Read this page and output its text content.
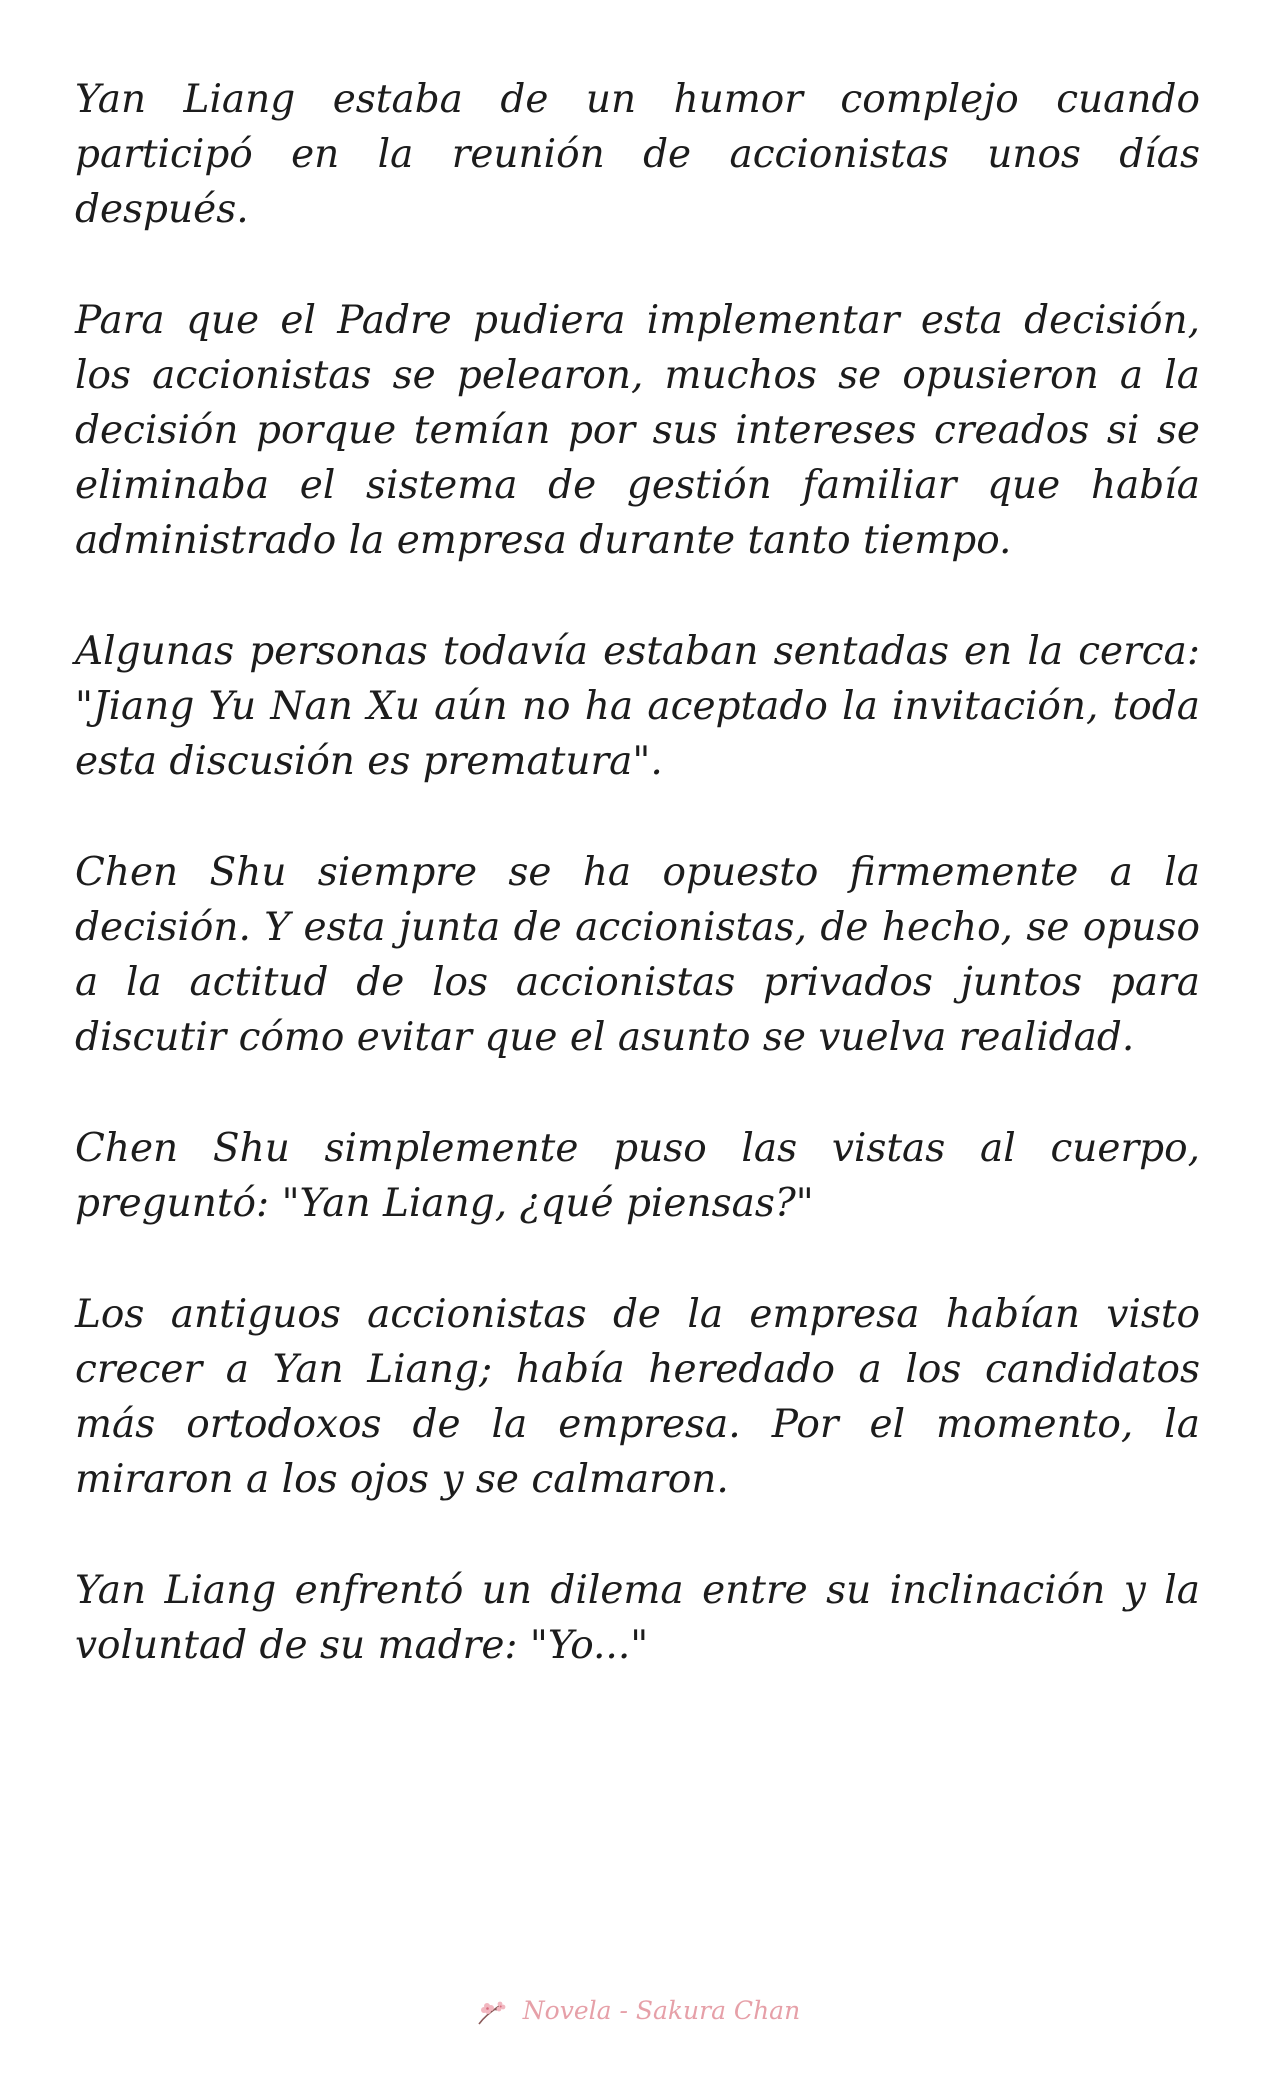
Yan Liang estaba de un humor complejo cuando participó en la reunión de accionistas unos días después.

Para que el Padre pudiera implementar esta decisión, los accionistas se pelearon, muchos se opusieron a la decisión porque temían por sus intereses creados si se eliminaba el sistema de gestión familiar que había administrado la empresa durante tanto tiempo.

Algunas personas todavía estaban sentadas en la cerca: "Jiang Yu Nan Xu aún no ha aceptado la invitación, toda esta discusión es prematura".

Chen Shu siempre se ha opuesto firmemente a la decisión. Y esta junta de accionistas, de hecho, se opuso a la actitud de los accionistas privados juntos para discutir cómo evitar que el asunto se vuelva realidad.

Chen Shu simplemente puso las vistas al cuerpo, preguntó: "Yan Liang, ¿qué piensas?"

Los antiguos accionistas de la empresa habían visto crecer a Yan Liang; había heredado a los candidatos más ortodoxos de la empresa. Por el momento, la miraron a los ojos y se calmaron.

Yan Liang enfrentó un dilema entre su inclinación y la voluntad de su madre: "Yo..."

Novela - Sakura Chan
